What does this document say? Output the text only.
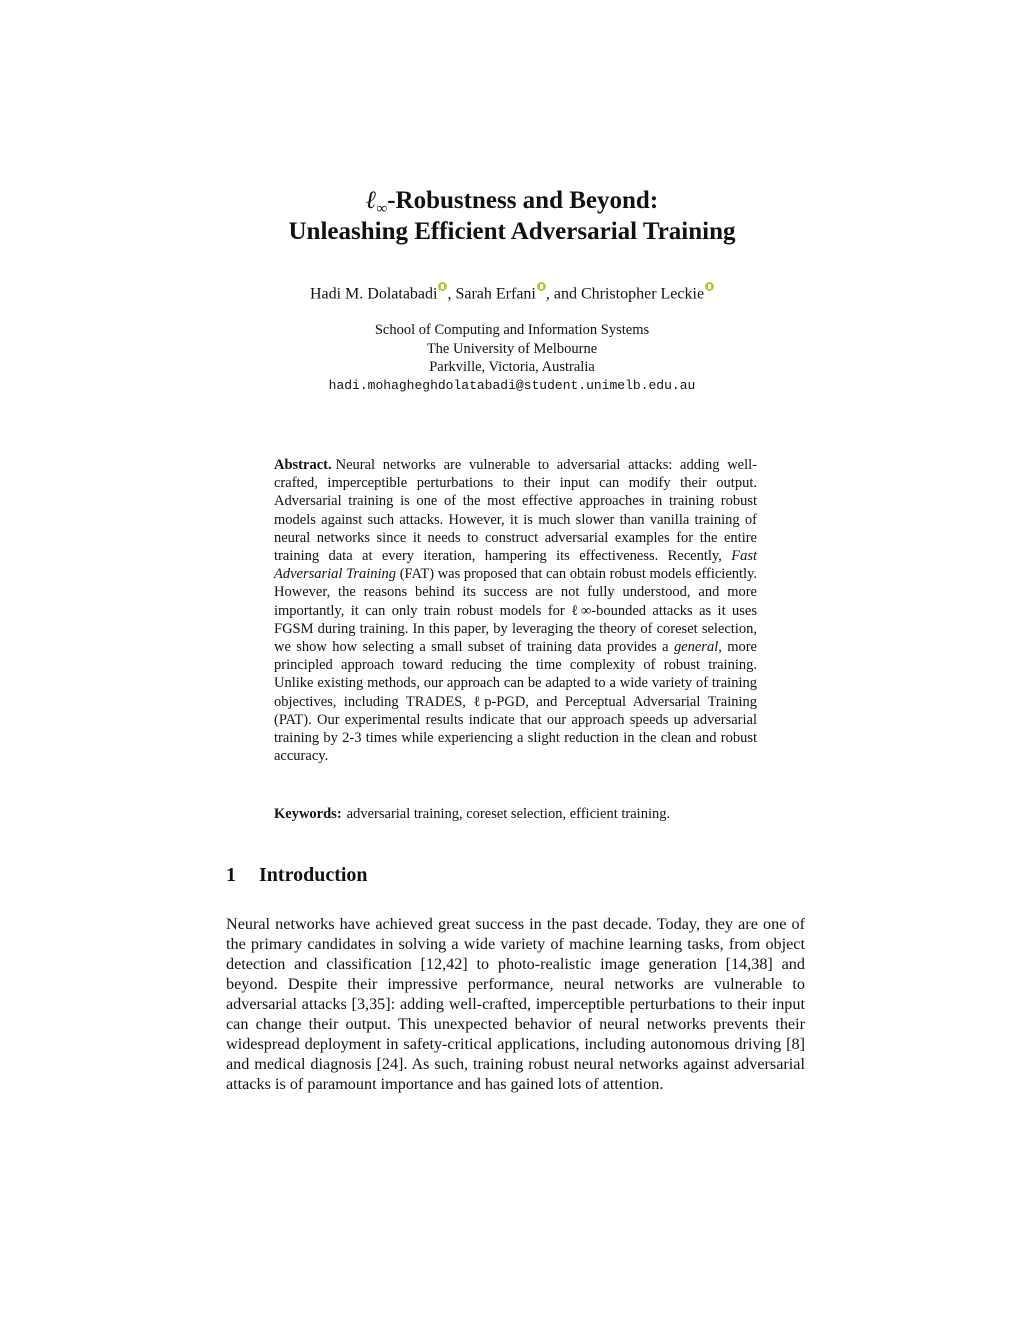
ℓ$_\infty$-Robustness and Beyond:
Unleashing Efficient Adversarial Training
Hadi M. Dolatabadi , Sarah Erfani , and Christopher Leckie
School of Computing and Information Systems
The University of Melbourne
Parkville, Victoria, Australia
hadi.mohagheghdolatabadi@student.unimelb.edu.au

Abstract. Neural networks are vulnerable to adversarial attacks: adding well-crafted, imperceptible perturbations to their input can modify their output. Adversarial training is one of the most effective approaches in training robust models against such attacks. However, it is much slower than vanilla training of neural networks since it needs to construct adversarial examples for the entire training data at every iteration, hampering its effectiveness. Recently, Fast Adversarial Training (FAT) was proposed that can obtain robust models efficiently. However, the reasons behind its success are not fully understood, and more importantly, it can only train robust models for ℓ∞-bounded attacks as it uses FGSM during training. In this paper, by leveraging the theory of coreset selection, we show how selecting a small subset of training data provides a general, more principled approach toward reducing the time complexity of robust training. Unlike existing methods, our approach can be adapted to a wide variety of training objectives, including TRADES, ℓp-PGD, and Perceptual Adversarial Training (PAT). Our experimental results indicate that our approach speeds up adversarial training by 2-3 times while experiencing a slight reduction in the clean and robust accuracy.

Keywords: adversarial training, coreset selection, efficient training.

1 Introduction

Neural networks have achieved great success in the past decade. Today, they are one of the primary candidates in solving a wide variety of machine learning tasks, from object detection and classification [12,42] to photo-realistic image generation [14,38] and beyond. Despite their impressive performance, neural networks are vulnerable to adversarial attacks [3,35]: adding well-crafted, imperceptible perturbations to their input can change their output. This unexpected behavior of neural networks prevents their widespread deployment in safety-critical applications, including autonomous driving [8] and medical diagnosis [24]. As such, training robust neural networks against adversarial attacks is of paramount importance and has gained lots of attention.
